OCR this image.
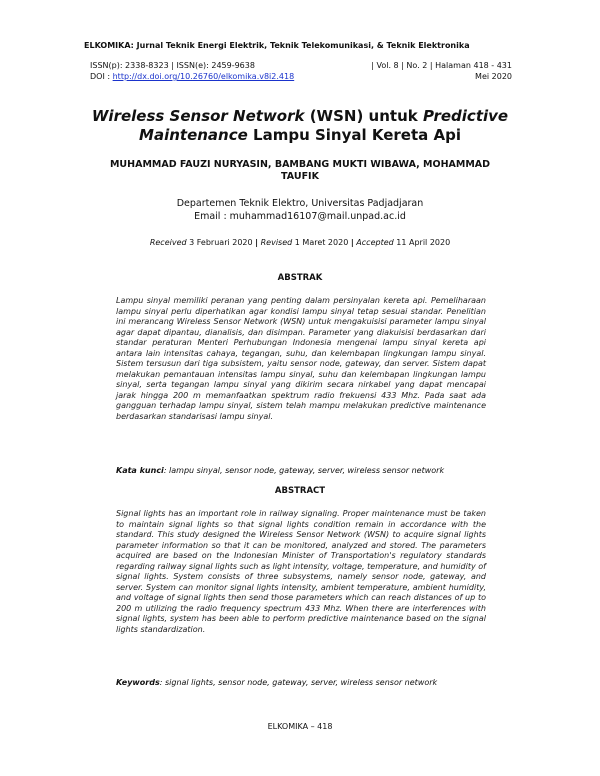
ELKOMIKA: Jurnal Teknik Energi Elektrik, Teknik Telekomunikasi, & Teknik Elektronika
ISSN(p): 2338-8323 | ISSN(e): 2459-9638	| Vol. 8 | No. 2 | Halaman 418 - 431
DOI : http://dx.doi.org/10.26760/elkomika.v8i2.418	Mei 2020
Wireless Sensor Network (WSN) untuk Predictive Maintenance Lampu Sinyal Kereta Api
MUHAMMAD FAUZI NURYASIN, BAMBANG MUKTI WIBAWA, MOHAMMAD TAUFIK
Departemen Teknik Elektro, Universitas Padjadjaran
Email : muhammad16107@mail.unpad.ac.id
Received 3 Februari 2020 | Revised 1 Maret 2020 | Accepted 11 April 2020
ABSTRAK
Lampu sinyal memiliki peranan yang penting dalam persinyalan kereta api. Pemeliharaan lampu sinyal perlu diperhatikan agar kondisi lampu sinyal tetap sesuai standar. Penelitian ini merancang Wireless Sensor Network (WSN) untuk mengakuisisi parameter lampu sinyal agar dapat dipantau, dianalisis, dan disimpan. Parameter yang diakuisisi berdasarkan dari standar peraturan Menteri Perhubungan Indonesia mengenai lampu sinyal kereta api antara lain intensitas cahaya, tegangan, suhu, dan kelembapan lingkungan lampu sinyal. Sistem tersusun dari tiga subsistem, yaitu sensor node, gateway, dan server. Sistem dapat melakukan pemantauan intensitas lampu sinyal, suhu dan kelembapan lingkungan lampu sinyal, serta tegangan lampu sinyal yang dikirim secara nirkabel yang dapat mencapai jarak hingga 200 m memanfaatkan spektrum radio frekuensi 433 Mhz. Pada saat ada gangguan terhadap lampu sinyal, sistem telah mampu melakukan predictive maintenance berdasarkan standarisasi lampu sinyal.
Kata kunci: lampu sinyal, sensor node, gateway, server, wireless sensor network
ABSTRACT
Signal lights has an important role in railway signaling. Proper maintenance must be taken to maintain signal lights so that signal lights condition remain in accordance with the standard. This study designed the Wireless Sensor Network (WSN) to acquire signal lights parameter information so that it can be monitored, analyzed and stored. The parameters acquired are based on the Indonesian Minister of Transportation's regulatory standards regarding railway signal lights such as light intensity, voltage, temperature, and humidity of signal lights. System consists of three subsystems, namely sensor node, gateway, and server. System can monitor signal lights intensity, ambient temperature, ambient humidity, and voltage of signal lights then send those parameters which can reach distances of up to 200 m utilizing the radio frequency spectrum 433 Mhz. When there are interferences with signal lights, system has been able to perform predictive maintenance based on the signal lights standardization.
Keywords: signal lights, sensor node, gateway, server, wireless sensor network
ELKOMIKA – 418
